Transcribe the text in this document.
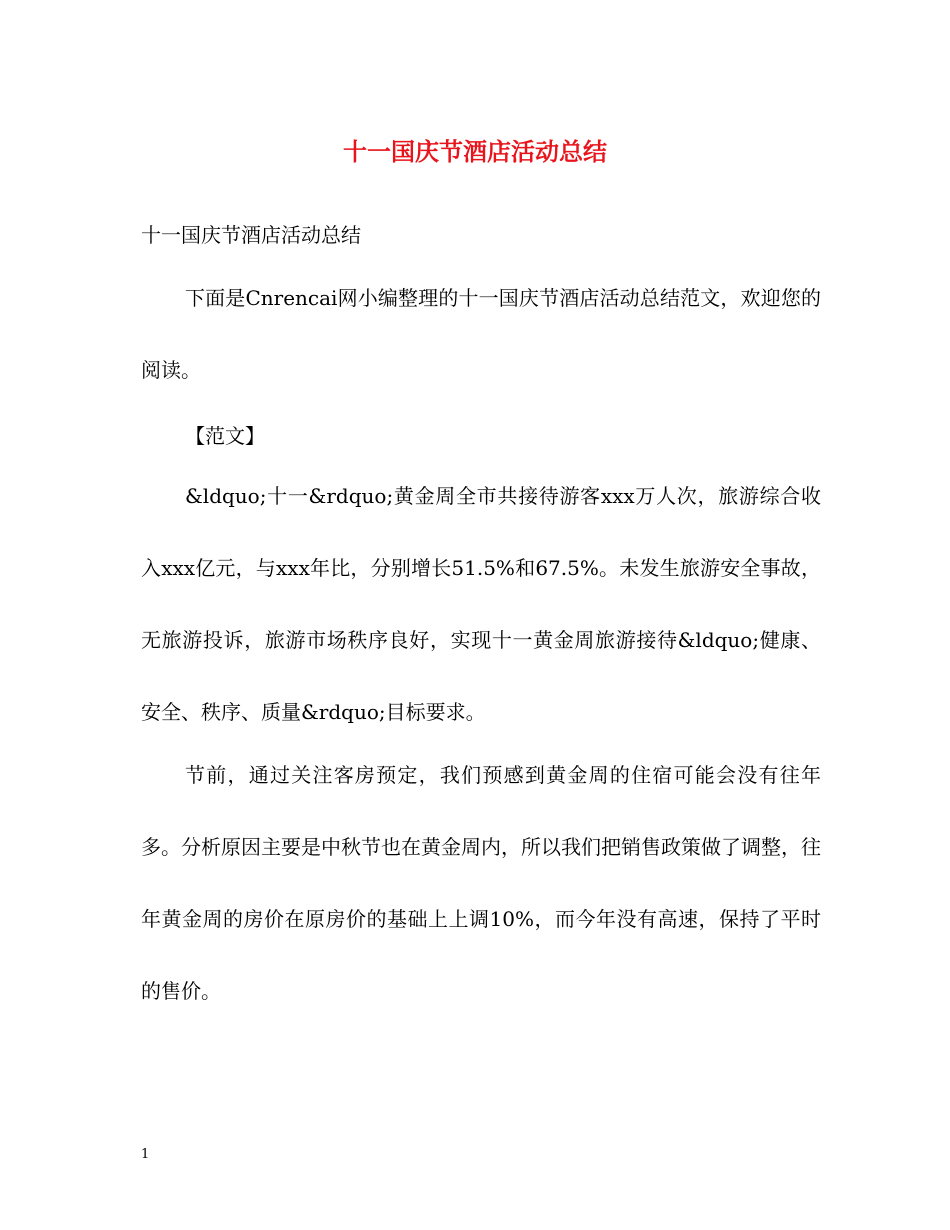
十一国庆节酒店活动总结
十一国庆节酒店活动总结
下面是Cnrencai网小编整理的十一国庆节酒店活动总结范文，欢迎您的阅读。
【范文】
&ldquo;十一&rdquo;黄金周全市共接待游客xxx万人次，旅游综合收入xxx亿元，与xxx年比，分别增长51.5%和67.5%。未发生旅游安全事故，无旅游投诉，旅游市场秩序良好，实现十一黄金周旅游接待&ldquo;健康、安全、秩序、质量&rdquo;目标要求。
节前，通过关注客房预定，我们预感到黄金周的住宿可能会没有往年多。分析原因主要是中秋节也在黄金周内，所以我们把销售政策做了调整，往年黄金周的房价在原房价的基础上上调10%，而今年没有高速，保持了平时的售价。
1
